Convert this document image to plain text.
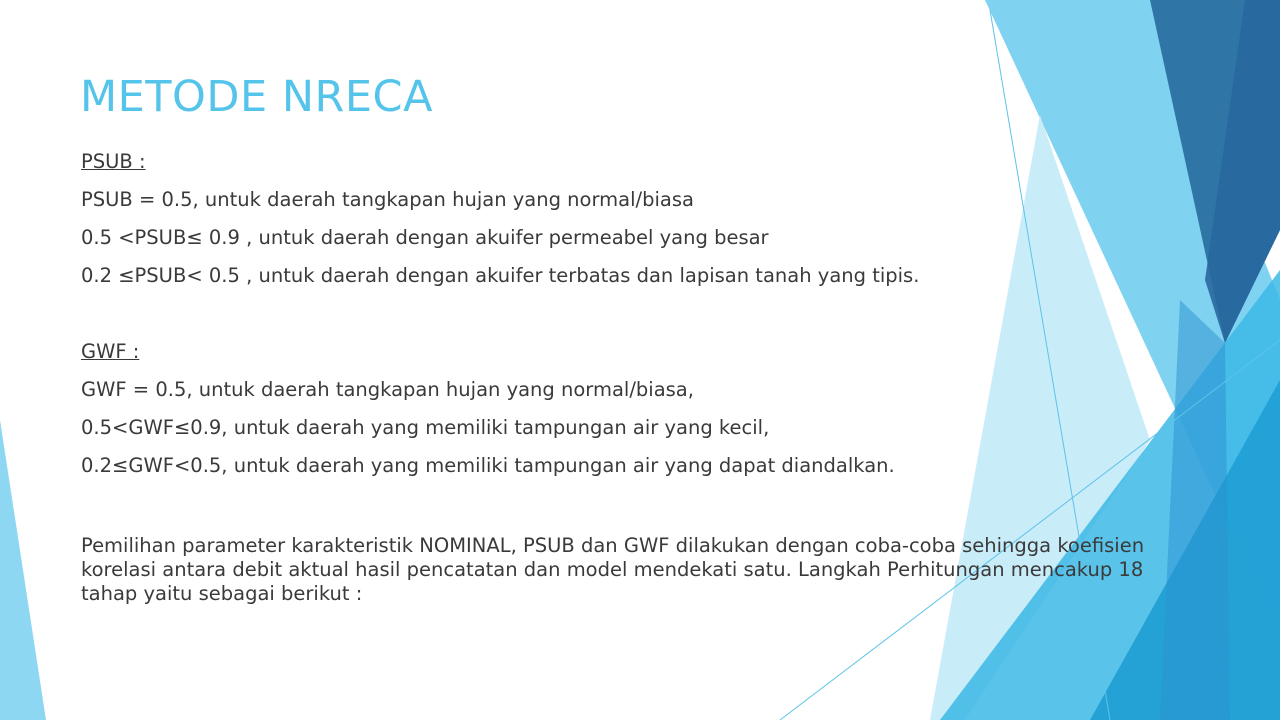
METODE NRECA
PSUB :
PSUB = 0.5, untuk daerah tangkapan hujan yang normal/biasa
0.5 <PSUB≤ 0.9 , untuk daerah dengan akuifer permeabel yang besar
0.2 ≤PSUB< 0.5 , untuk daerah dengan akuifer terbatas dan lapisan tanah yang tipis.
GWF :
GWF = 0.5, untuk daerah tangkapan hujan yang normal/biasa,
0.5<GWF≤0.9, untuk daerah yang memiliki tampungan air yang kecil,
0.2≤GWF<0.5, untuk daerah yang memiliki tampungan air yang dapat diandalkan.
Pemilihan parameter karakteristik NOMINAL, PSUB dan GWF dilakukan dengan coba-coba sehingga koefisien korelasi antara debit aktual hasil pencatatan dan model mendekati satu. Langkah Perhitungan mencakup 18 tahap yaitu sebagai berikut :
